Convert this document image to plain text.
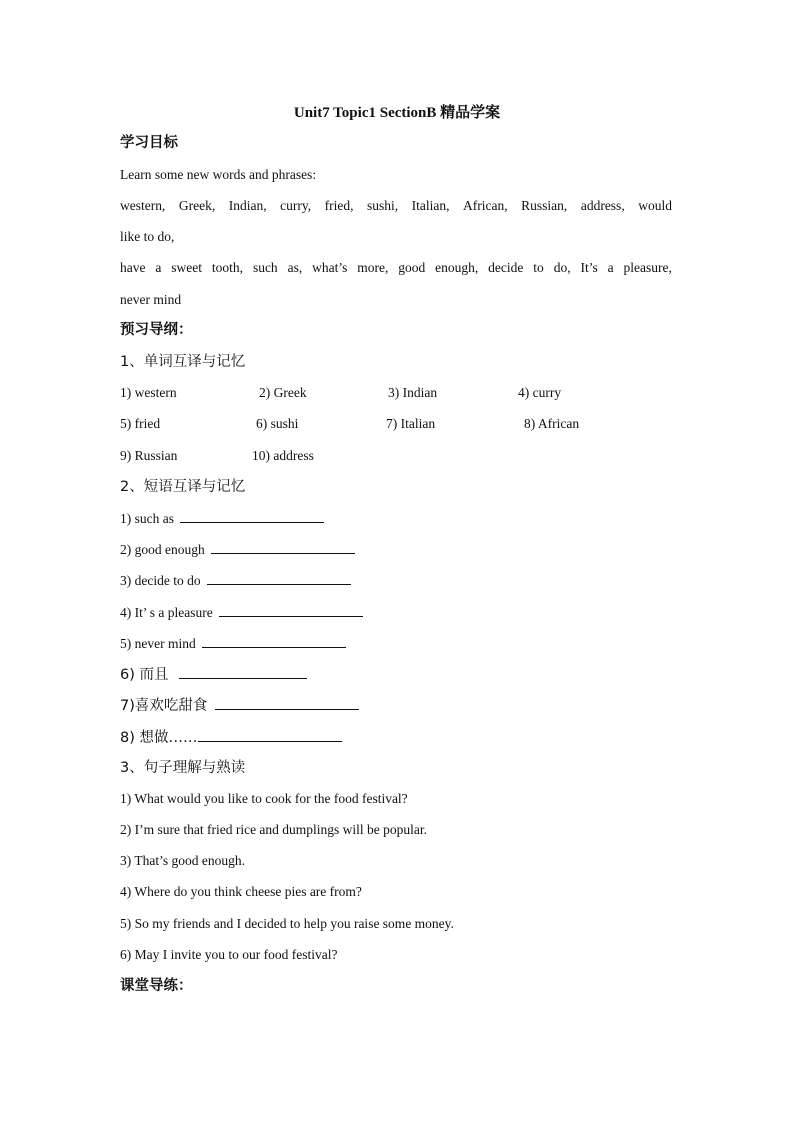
Unit7 Topic1 SectionB 精品学案
学习目标
Learn some new words and phrases:
western, Greek, Indian, curry, fried, sushi, Italian, African, Russian, address, would
like to do,
have a sweet tooth, such as, what’s more, good enough, decide to do, It’s a pleasure,
never mind
预习导纲：
1、单词互译与记忆
1) western	2) Greek	3) Indian	4) curry
5) fried	6) sushi	7) Italian	8) African
9) Russian	10) address
2、短语互译与记忆
1) such as
2) good enough
3) decide to do
4) It’ s a pleasure
5) never mind
6) 而且
7)喜欢吃甜食
8) 想做……
3、句子理解与熟读
1) What would you like to cook for the food festival?
2) I’m sure that fried rice and dumplings will be popular.
3) That’s good enough.
4) Where do you think cheese pies are from?
5) So my friends and I decided to help you raise some money.
6) May I invite you to our food festival?
课堂导练：
